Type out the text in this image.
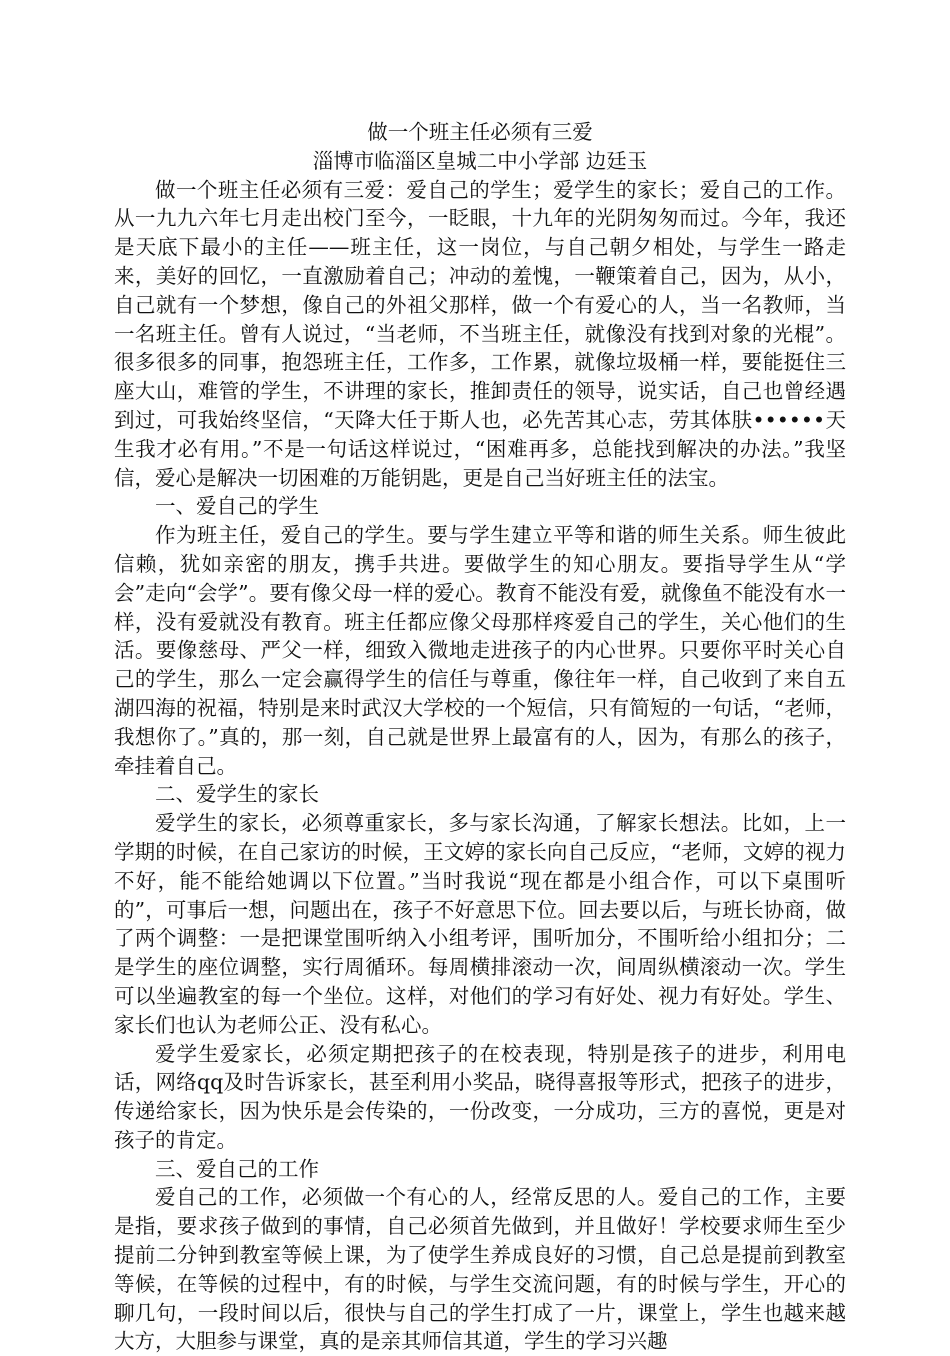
做一个班主任必须有三爱

淄博市临淄区皇城二中小学部 边廷玉

做一个班主任必须有三爱：爱自己的学生；爱学生的家长；爱自己的工作。从一九九六年七月走出校门至今，一眨眼，十九年的光阴匆匆而过。今年，我还是天底下最小的主任——班主任，这一岗位，与自己朝夕相处，与学生一路走来，美好的回忆，一直激励着自己；冲动的羞愧，一鞭策着自己，因为，从小，自己就有一个梦想，像自己的外祖父那样，做一个有爱心的人，当一名教师，当一名班主任。曾有人说过，“当老师，不当班主任，就像没有找到对象的光棍”。很多很多的同事，抱怨班主任，工作多，工作累，就像垃圾桶一样，要能挺住三座大山，难管的学生，不讲理的家长，推卸责任的领导，说实话，自己也曾经遇到过，可我始终坚信，“天降大任于斯人也，必先苦其心志，劳其体肤••••••天生我才必有用。”不是一句话这样说过，“困难再多，总能找到解决的办法。”我坚信，爱心是解决一切困难的万能钥匙，更是自己当好班主任的法宝。

一、爱自己的学生

作为班主任，爱自己的学生。要与学生建立平等和谐的师生关系。师生彼此信赖，犹如亲密的朋友，携手共进。要做学生的知心朋友。要指导学生从“学会”走向“会学”。要有像父母一样的爱心。教育不能没有爱，就像鱼不能没有水一样，没有爱就没有教育。班主任都应像父母那样疼爱自己的学生，关心他们的生活。要像慈母、严父一样，细致入微地走进孩子的内心世界。只要你平时关心自己的学生，那么一定会赢得学生的信任与尊重，像往年一样，自己收到了来自五湖四海的祝福，特别是来时武汉大学校的一个短信，只有简短的一句话，“老师，我想你了。”真的，那一刻，自己就是世界上最富有的人，因为，有那么的孩子，牵挂着自己。

二、爱学生的家长

爱学生的家长，必须尊重家长，多与家长沟通，了解家长想法。比如，上一学期的时候，在自己家访的时候，王文婷的家长向自己反应，“老师，文婷的视力不好，能不能给她调以下位置。”当时我说“现在都是小组合作，可以下桌围听的”，可事后一想，问题出在，孩子不好意思下位。回去要以后，与班长协商，做了两个调整：一是把课堂围听纳入小组考评，围听加分，不围听给小组扣分；二是学生的座位调整，实行周循环。每周横排滚动一次，间周纵横滚动一次。学生可以坐遍教室的每一个坐位。这样，对他们的学习有好处、视力有好处。学生、家长们也认为老师公正、没有私心。

爱学生爱家长，必须定期把孩子的在校表现，特别是孩子的进步，利用电话，网络qq及时告诉家长，甚至利用小奖品，晓得喜报等形式，把孩子的进步，传递给家长，因为快乐是会传染的，一份改变，一分成功，三方的喜悦，更是对孩子的肯定。

三、爱自己的工作

爱自己的工作，必须做一个有心的人，经常反思的人。爱自己的工作，主要是指，要求孩子做到的事情，自己必须首先做到，并且做好！学校要求师生至少提前二分钟到教室等候上课，为了使学生养成良好的习惯，自己总是提前到教室等候，在等候的过程中，有的时候，与学生交流问题，有的时候与学生，开心的聊几句，一段时间以后，很快与自己的学生打成了一片，课堂上，学生也越来越大方，大胆参与课堂，真的是亲其师信其道，学生的学习兴趣
